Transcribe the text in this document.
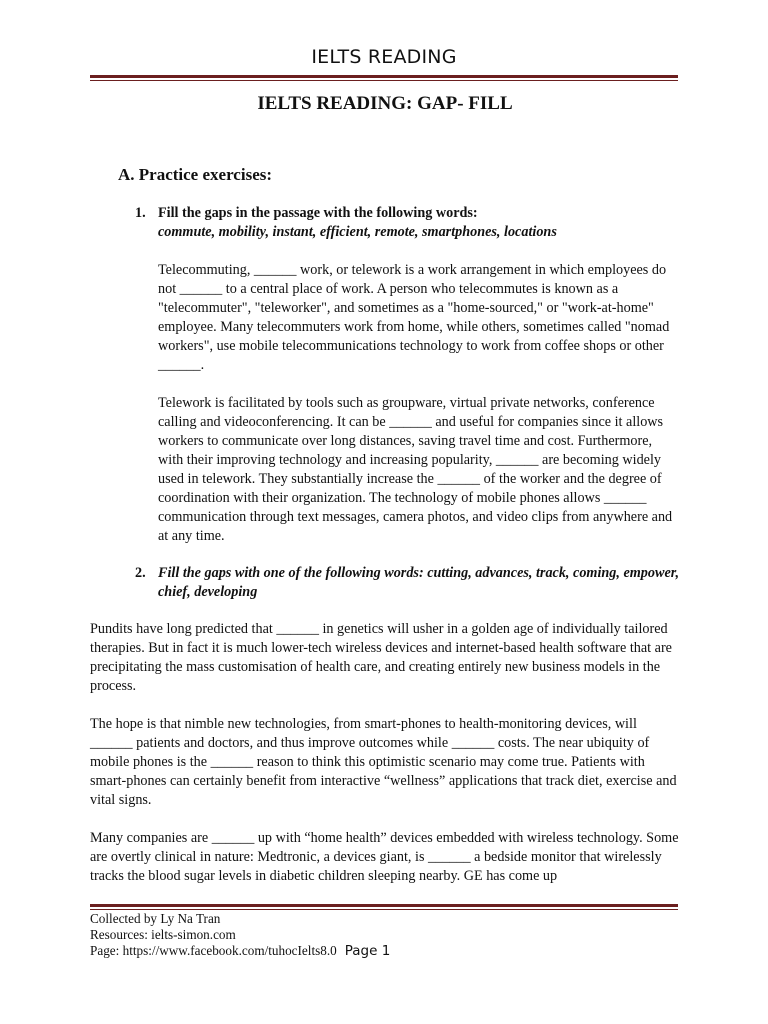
IELTS READING

IELTS READING: GAP- FILL

A. Practice exercises:

1. Fill the gaps in the passage with the following words:
commute, mobility, instant, efficient, remote, smartphones, locations

Telecommuting, ______ work, or telework is a work arrangement in which employees do not ______ to a central place of work. A person who telecommutes is known as a "telecommuter", "teleworker", and sometimes as a "home-sourced," or "work-at-home" employee. Many telecommuters work from home, while others, sometimes called "nomad workers", use mobile telecommunications technology to work from coffee shops or other ______.

Telework is facilitated by tools such as groupware, virtual private networks, conference calling and videoconferencing. It can be ______ and useful for companies since it allows workers to communicate over long distances, saving travel time and cost. Furthermore, with their improving technology and increasing popularity, ______ are becoming widely used in telework. They substantially increase the ______ of the worker and the degree of coordination with their organization. The technology of mobile phones allows ______ communication through text messages, camera photos, and video clips from anywhere and at any time.

2. Fill the gaps with one of the following words: cutting, advances, track, coming, empower, chief, developing

Pundits have long predicted that ______ in genetics will usher in a golden age of individually tailored therapies. But in fact it is much lower-tech wireless devices and internet-based health software that are precipitating the mass customisation of health care, and creating entirely new business models in the process.

The hope is that nimble new technologies, from smart-phones to health-monitoring devices, will ______ patients and doctors, and thus improve outcomes while ______ costs. The near ubiquity of mobile phones is the ______ reason to think this optimistic scenario may come true. Patients with smart-phones can certainly benefit from interactive “wellness” applications that track diet, exercise and vital signs.

Many companies are ______ up with “home health” devices embedded with wireless technology. Some are overtly clinical in nature: Medtronic, a devices giant, is ______ a bedside monitor that wirelessly tracks the blood sugar levels in diabetic children sleeping nearby. GE has come up

Collected by Ly Na Tran
Resources: ielts-simon.com
Page: https://www.facebook.com/tuhocIelts8.0 Page 1
